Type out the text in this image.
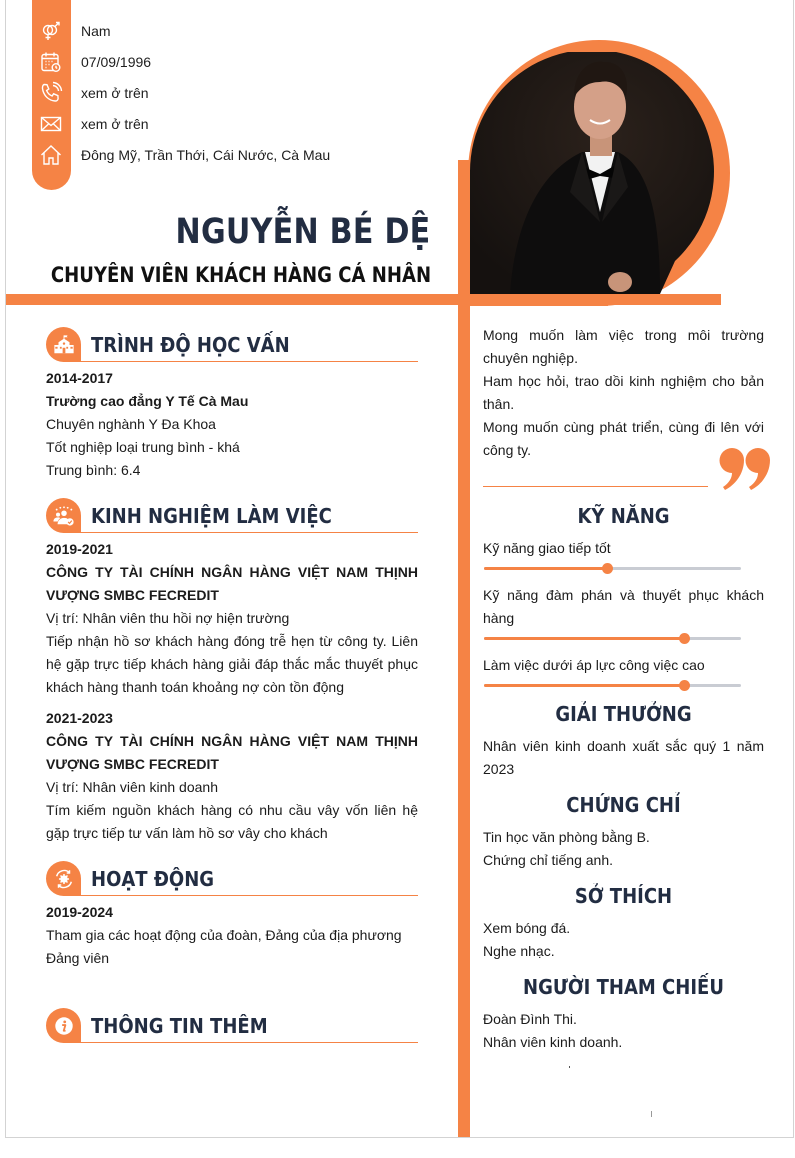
Nam
07/09/1996
xem ở trên
xem ở trên
Đông Mỹ, Trần Thới, Cái Nước, Cà Mau
NGUYỄN BÉ DỆ
CHUYÊN VIÊN KHÁCH HÀNG CÁ NHÂN
TRÌNH ĐỘ HỌC VẤN
2014-2017
Trường cao đẳng Y Tế Cà Mau
Chuyên nghành Y Đa Khoa
Tốt nghiệp loại trung bình - khá
Trung bình: 6.4
KINH NGHIỆM LÀM VIỆC
2019-2021
CÔNG TY TÀI CHÍNH NGÂN HÀNG VIỆT NAM THỊNH VƯỢNG SMBC FECREDIT
Vị trí: Nhân viên thu hồi nợ hiện trường
Tiếp nhận hồ sơ khách hàng đóng trễ hẹn từ công ty. Liên hệ gặp trực tiếp khách hàng giải đáp thắc mắc thuyết phục khách hàng thanh toán khoảng nợ còn tồn động
2021-2023
CÔNG TY TÀI CHÍNH NGÂN HÀNG VIỆT NAM THỊNH VƯỢNG SMBC FECREDIT
Vị trí: Nhân viên kinh doanh
Tím kiếm nguồn khách hàng có nhu cầu vây vốn liên hệ gặp trực tiếp tư vấn làm hồ sơ vây cho khách
HOẠT ĐỘNG
2019-2024
Tham gia các hoạt động của đoàn, Đảng của địa phương
Đảng viên
THÔNG TIN THÊM
Mong muốn làm việc trong môi trường chuyên nghiệp.
Ham học hỏi, trao dồi kinh nghiệm cho bản thân.
Mong muốn cùng phát triển, cùng đi lên với công ty.
KỸ NĂNG
Kỹ năng giao tiếp tốt
Kỹ năng đàm phán và thuyết phục khách hàng
Làm việc dưới áp lực công việc cao
GIẢI THƯỞNG
Nhân viên kinh doanh xuất sắc quý 1 năm 2023
CHỨNG CHỈ
Tin học văn phòng bằng B.
Chứng chỉ tiếng anh.
SỞ THÍCH
Xem bóng đá.
Nghe nhạc.
NGƯỜI THAM CHIẾU
Đoàn Đình Thi.
Nhân viên kinh doanh.
